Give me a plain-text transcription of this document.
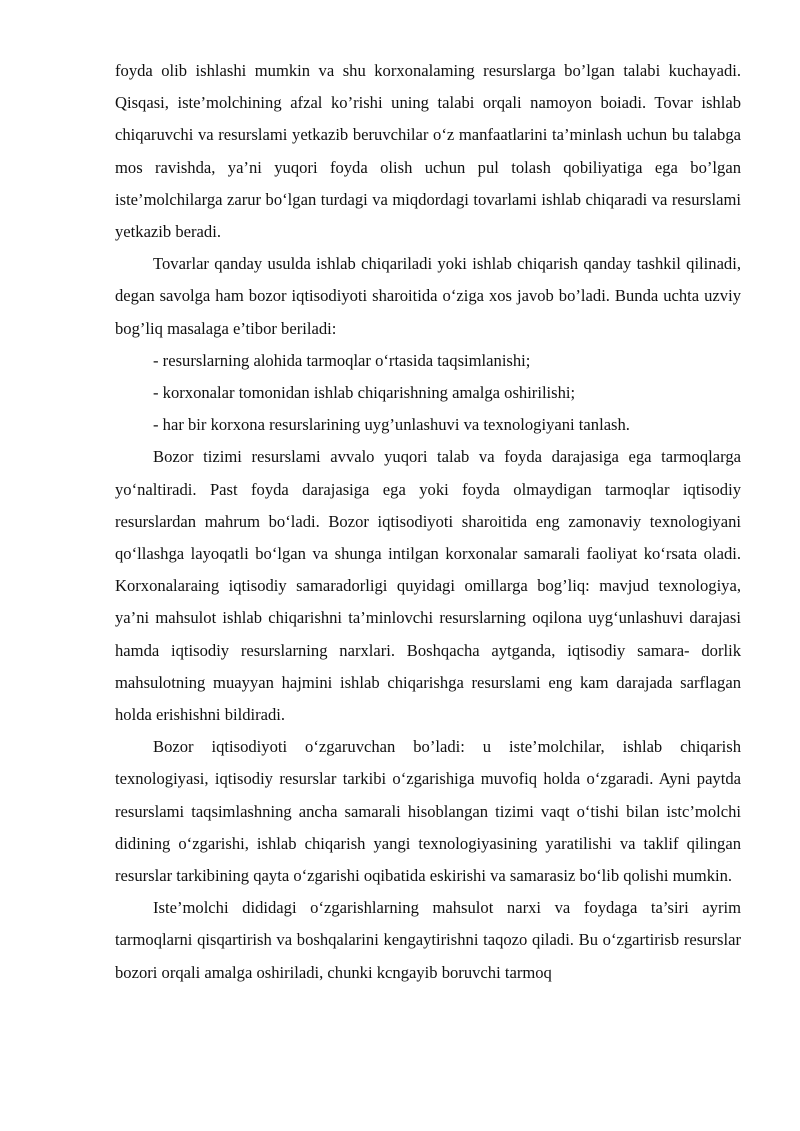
foyda olib ishlashi mumkin va shu korxonalaming resurslarga bo’lgan talabi kuchayadi. Qisqasi, iste’molchining afzal ko’rishi uning talabi orqali namoyon boiadi. Tovar ishlab chiqaruvchi va resurslami yetkazib beruvchilar o‘z manfaatlarini ta’minlash uchun bu talabga mos ravishda, ya’ni yuqori foyda olish uchun pul tolash qobiliyatiga ega bo’lgan iste’molchilarga zarur bo‘lgan turdagi va miqdordagi tovarlami ishlab chiqaradi va resurslami yetkazib beradi.

Tovarlar qanday usulda ishlab chiqariladi yoki ishlab chiqarish qanday tashkil qilinadi, degan savolga ham bozor iqtisodiyoti sharoitida o‘ziga xos javob bo’ladi. Bunda uchta uzviy bog’liq masalaga e’tibor beriladi:

- resurslarning alohida tarmoqlar o‘rtasida taqsimlanishi;

- korxonalar tomonidan ishlab chiqarishning amalga oshirilishi;

- har bir korxona resurslarining uyg’unlashuvi va texnologiyani tanlash.

Bozor tizimi resurslami avvalo yuqori talab va foyda darajasiga ega tarmoqlarga yo‘naltiradi. Past foyda darajasiga ega yoki foyda olmaydigan tarmoqlar iqtisodiy resurslardan mahrum bo‘ladi. Bozor iqtisodiyoti sharoitida eng zamonaviy texnologiyani qo‘llashga layoqatli bo‘lgan va shunga intilgan korxonalar samarali faoliyat ko‘rsata oladi. Korxonalaraing iqtisodiy samaradorligi quyidagi omillarga bog’liq: mavjud texnologiya, ya’ni mahsulot ishlab chiqarishni ta’minlovchi resurslarning oqilona uyg‘unlashuvi darajasi hamda iqtisodiy resurslarning narxlari. Boshqacha aytganda, iqtisodiy samara- dorlik mahsulotning muayyan hajmini ishlab chiqarishga resurslami eng kam darajada sarflagan holda erishishni bildiradi.

Bozor iqtisodiyoti o‘zgaruvchan bo’ladi: u iste’molchilar, ishlab chiqarish texnologiyasi, iqtisodiy resurslar tarkibi o‘zgarishiga muvofiq holda o‘zgaradi. Ayni paytda resurslami taqsimlashning ancha samarali hisoblangan tizimi vaqt o‘tishi bilan istc’molchi didining o‘zgarishi, ishlab chiqarish yangi texnologiyasining yaratilishi va taklif qilingan resurslar tarkibining qayta o‘zgarishi oqibatida eskirishi va samarasiz bo‘lib qolishi mumkin.

Iste’molchi dididagi o‘zgarishlarning mahsulot narxi va foydaga ta’siri ayrim tarmoqlarni qisqartirish va boshqalarini kengaytirishni taqozo qiladi. Bu o‘zgartirisb resurslar bozori orqali amalga oshiriladi, chunki kcngayib boruvchi tarmoq
